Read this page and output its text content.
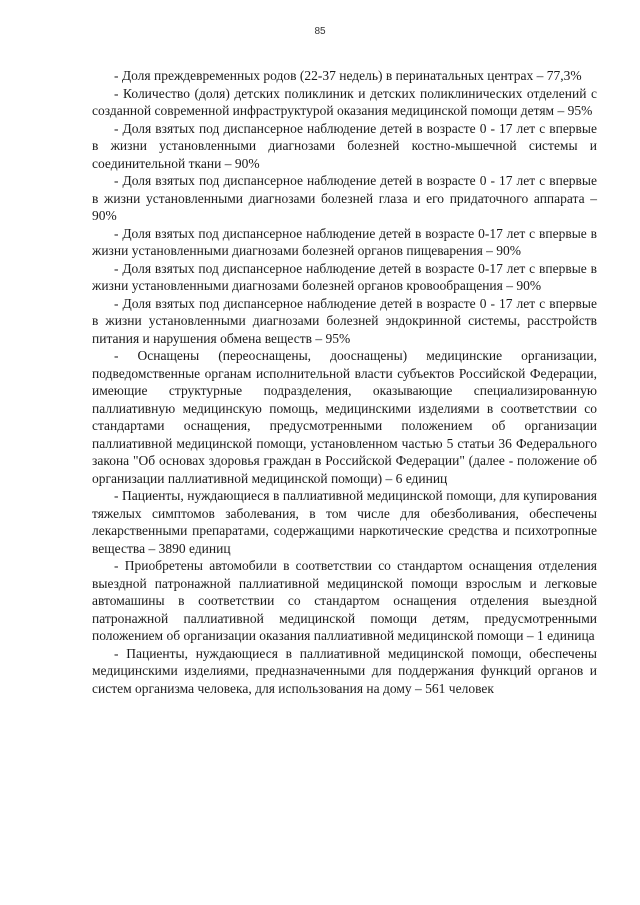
85

- Доля преждевременных родов (22-37 недель) в перинатальных центрах – 77,3%

- Количество (доля) детских поликлиник и детских поликлинических отделений с созданной современной инфраструктурой оказания медицинской помощи детям – 95%

- Доля взятых под диспансерное наблюдение детей в возрасте 0 - 17 лет с впервые в жизни установленными диагнозами болезней костно-мышечной системы и соединительной ткани – 90%

- Доля взятых под диспансерное наблюдение детей в возрасте 0 - 17 лет с впервые в жизни установленными диагнозами болезней глаза и его придаточного аппарата – 90%

- Доля взятых под диспансерное наблюдение детей в возрасте 0-17 лет с впервые в жизни установленными диагнозами болезней органов пищеварения – 90%

- Доля взятых под диспансерное наблюдение детей в возрасте 0-17 лет с впервые в жизни установленными диагнозами болезней органов кровообращения – 90%

- Доля взятых под диспансерное наблюдение детей в возрасте 0 - 17 лет с впервые в жизни установленными диагнозами болезней эндокринной системы, расстройств питания и нарушения обмена веществ – 95%

- Оснащены (переоснащены, дооснащены) медицинские организации, подведомственные органам исполнительной власти субъектов Российской Федерации, имеющие структурные подразделения, оказывающие специализированную паллиативную медицинскую помощь, медицинскими изделиями в соответствии со стандартами оснащения, предусмотренными положением об организации паллиативной медицинской помощи, установленном частью 5 статьи 36 Федерального закона "Об основах здоровья граждан в Российской Федерации" (далее - положение об организации паллиативной медицинской помощи) – 6 единиц

- Пациенты, нуждающиеся в паллиативной медицинской помощи, для купирования тяжелых симптомов заболевания, в том числе для обезболивания, обеспечены лекарственными препаратами, содержащими наркотические средства и психотропные вещества – 3890 единиц

- Приобретены автомобили в соответствии со стандартом оснащения отделения выездной патронажной паллиативной медицинской помощи взрослым и легковые автомашины в соответствии со стандартом оснащения отделения выездной патронажной паллиативной медицинской помощи детям, предусмотренными положением об организации оказания паллиативной медицинской помощи – 1 единица

- Пациенты, нуждающиеся в паллиативной медицинской помощи, обеспечены медицинскими изделиями, предназначенными для поддержания функций органов и систем организма человека, для использования на дому – 561 человек
